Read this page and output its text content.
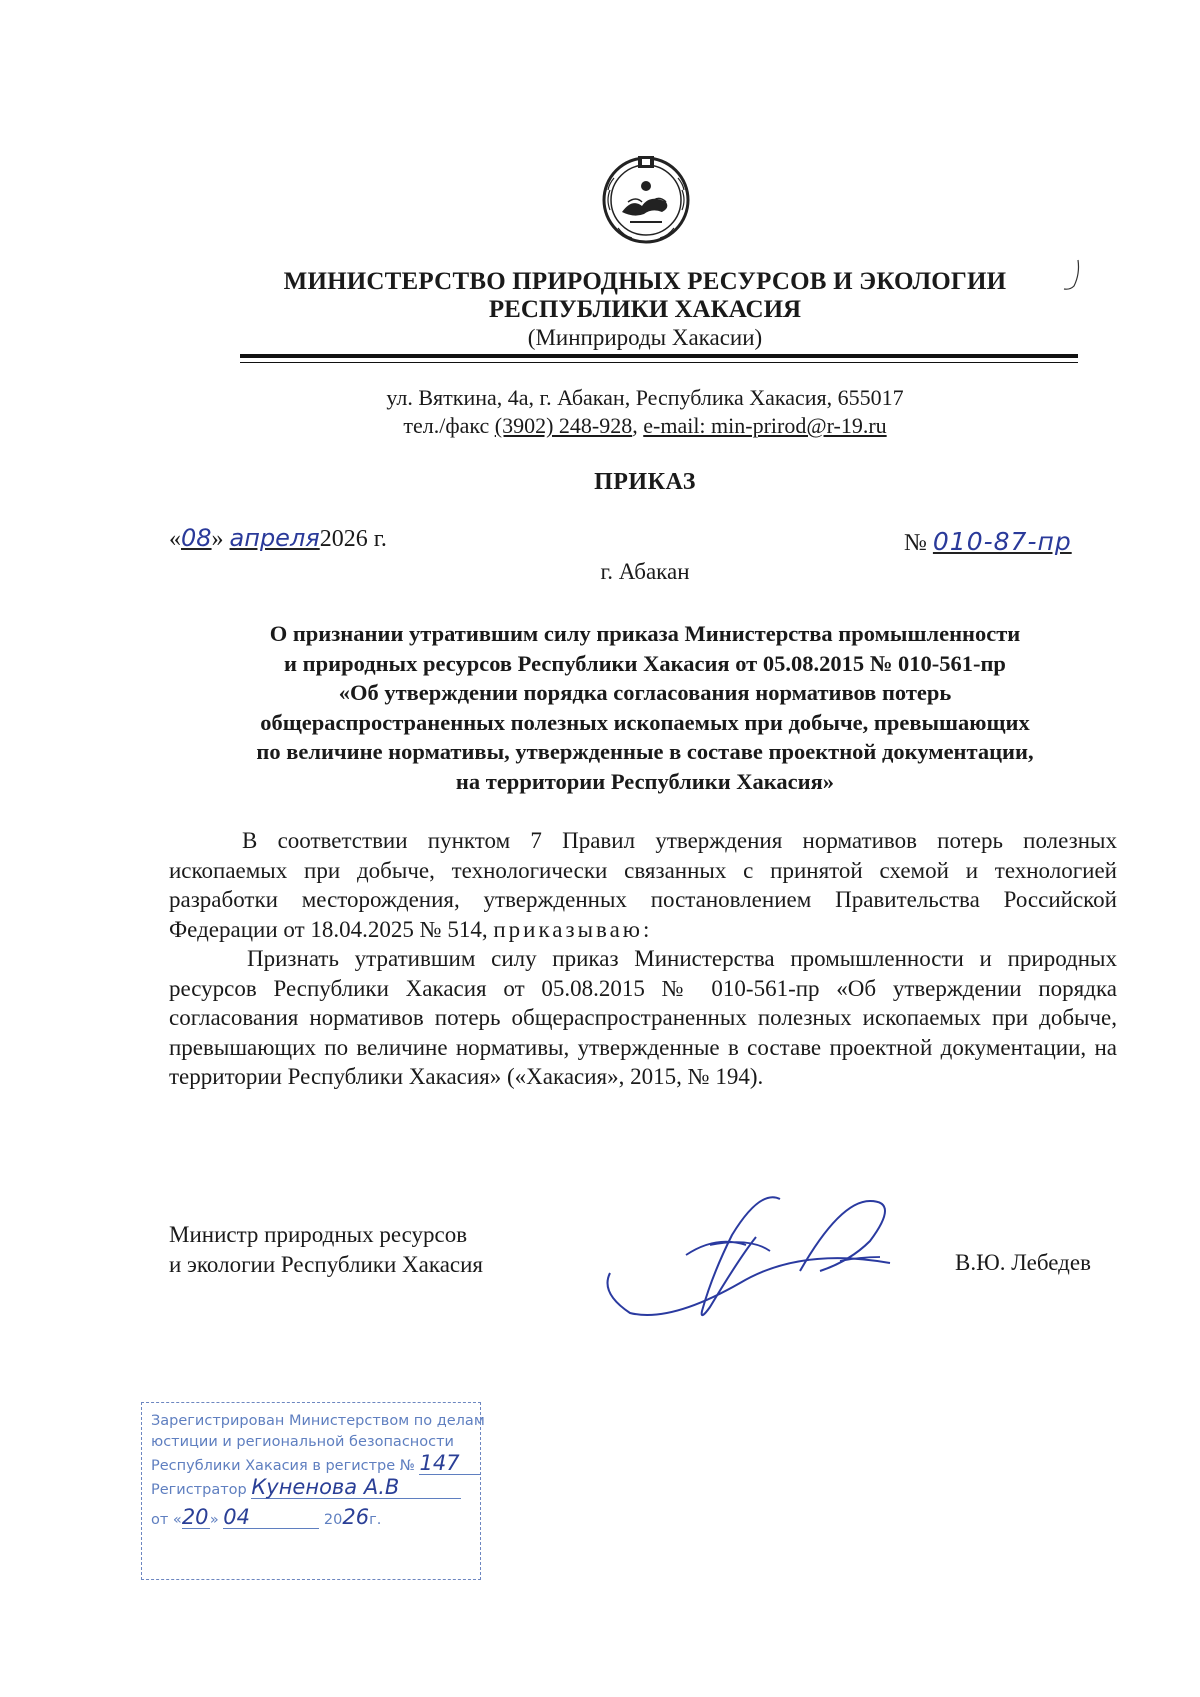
МИНИСТЕРСТВО ПРИРОДНЫХ РЕСУРСОВ И ЭКОЛОГИИ
РЕСПУБЛИКИ ХАКАСИЯ
(Минприроды Хакасии)
ул. Вяткина, 4а, г. Абакан, Республика Хакасия, 655017
тел./факс (3902) 248-928, e-mail: min-prirod@r-19.ru
ПРИКАЗ
«08» апреля2026 г.	№ 010-87-пр
г. Абакан
О признании утратившим силу приказа Министерства промышленности
и природных ресурсов Республики Хакасия от 05.08.2015 № 010-561-пр
«Об утверждении порядка согласования нормативов потерь
общераспространенных полезных ископаемых при добыче, превышающих
по величине нормативы, утвержденные в составе проектной документации,
на территории Республики Хакасия»

В соответствии пунктом 7 Правил утверждения нормативов потерь полезных ископаемых при добыче, технологически связанных с принятой схемой и технологией разработки месторождения, утвержденных постановлением Правительства Российской Федерации от 18.04.2025 № 514, приказываю:

Признать утратившим силу приказ Министерства промышленности и природных ресурсов Республики Хакасия от 05.08.2015 № 010-561-пр «Об утверждении порядка согласования нормативов потерь общераспространенных полезных ископаемых при добыче, превышающих по величине нормативы, утвержденные в составе проектной документации, на территории Республики Хакасия» («Хакасия», 2015, № 194).

Министр природных ресурсов
и экологии Республики Хакасия	В.Ю. Лебедев
Зарегистрирован Министерством по делам
юстиции и региональной безопасности
Республики Хакасия в регистре № 147
Регистратор Куненова А.В
от «20» 04	2026г.
